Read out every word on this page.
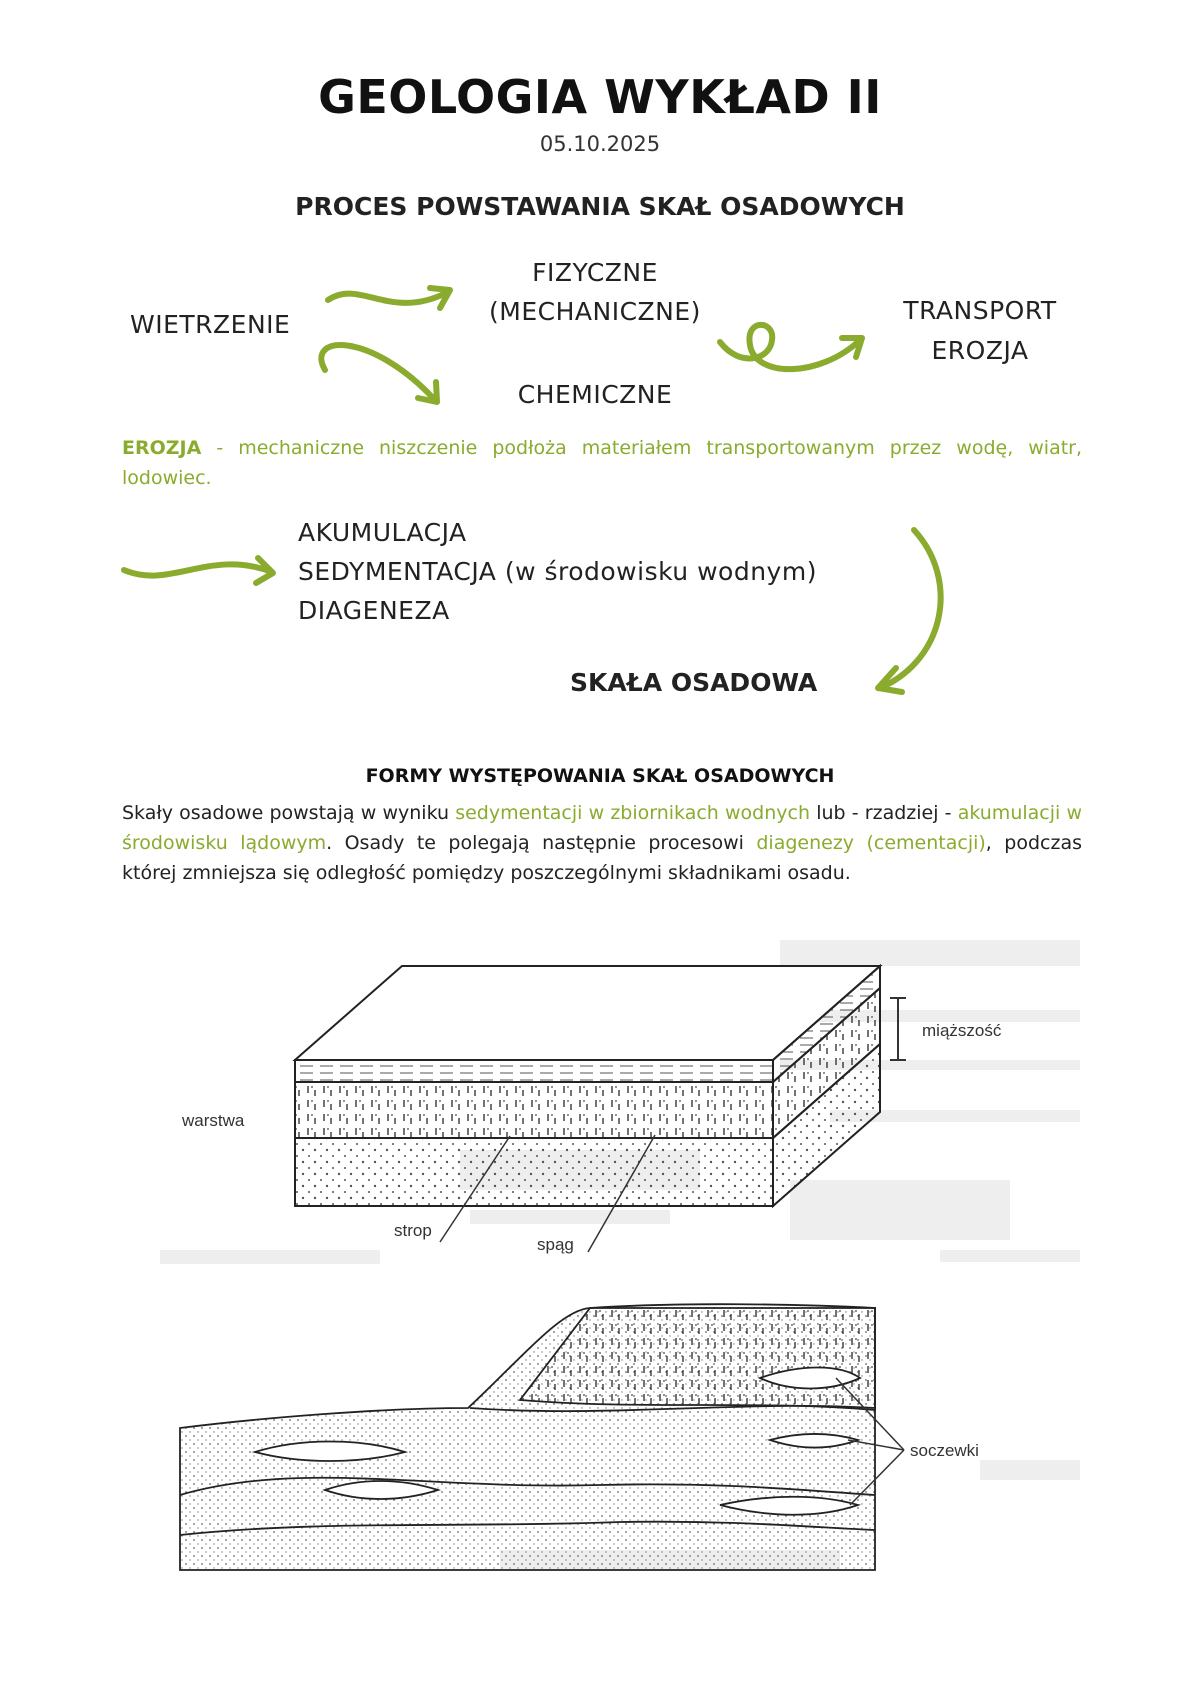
GEOLOGIA WYKŁAD II
05.10.2025
PROCES POWSTAWANIA SKAŁ OSADOWYCH
WIETRZENIE
FIZYCZNE
(MECHANICZNE)
CHEMICZNE
TRANSPORT
EROZJA
EROZJA - mechaniczne niszczenie podłoża materiałem transportowanym przez wodę, wiatr, lodowiec.
AKUMULACJA
SEDYMENTACJA (w środowisku wodnym)
DIAGENEZA
SKAŁA OSADOWA
FORMY WYSTĘPOWANIA SKAŁ OSADOWYCH
Skały osadowe powstają w wyniku sedymentacji w zbiornikach wodnych lub - rzadziej - akumulacji w środowisku lądowym. Osady te polegają następnie procesowi diagenezy (cementacji), podczas której zmniejsza się odległość pomiędzy poszczególnymi składnikami osadu.
miąższość
warstwa
strop
spąg
soczewki
